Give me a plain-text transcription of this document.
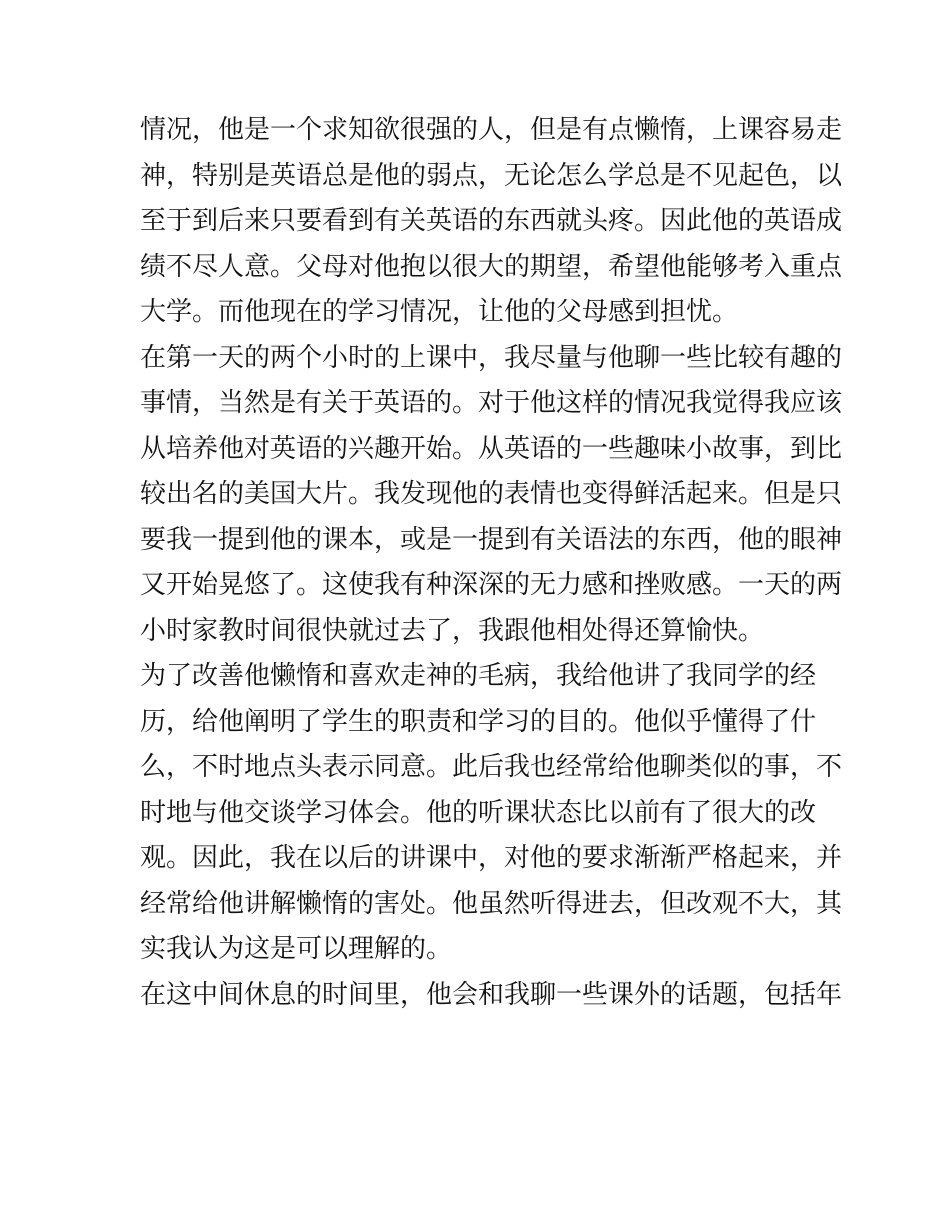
情况，他是一个求知欲很强的人，但是有点懒惰，上课容易走
神，特别是英语总是他的弱点，无论怎么学总是不见起色，以
至于到后来只要看到有关英语的东西就头疼。因此他的英语成
绩不尽人意。父母对他抱以很大的期望，希望他能够考入重点
大学。而他现在的学习情况，让他的父母感到担忧。
在第一天的两个小时的上课中，我尽量与他聊一些比较有趣的
事情，当然是有关于英语的。对于他这样的情况我觉得我应该
从培养他对英语的兴趣开始。从英语的一些趣味小故事，到比
较出名的美国大片。我发现他的表情也变得鲜活起来。但是只
要我一提到他的课本，或是一提到有关语法的东西，他的眼神
又开始晃悠了。这使我有种深深的无力感和挫败感。一天的两
小时家教时间很快就过去了，我跟他相处得还算愉快。
为了改善他懒惰和喜欢走神的毛病，我给他讲了我同学的经
历，给他阐明了学生的职责和学习的目的。他似乎懂得了什
么，不时地点头表示同意。此后我也经常给他聊类似的事，不
时地与他交谈学习体会。他的听课状态比以前有了很大的改
观。因此，我在以后的讲课中，对他的要求渐渐严格起来，并
经常给他讲解懒惰的害处。他虽然听得进去，但改观不大，其
实我认为这是可以理解的。
在这中间休息的时间里，他会和我聊一些课外的话题，包括年
